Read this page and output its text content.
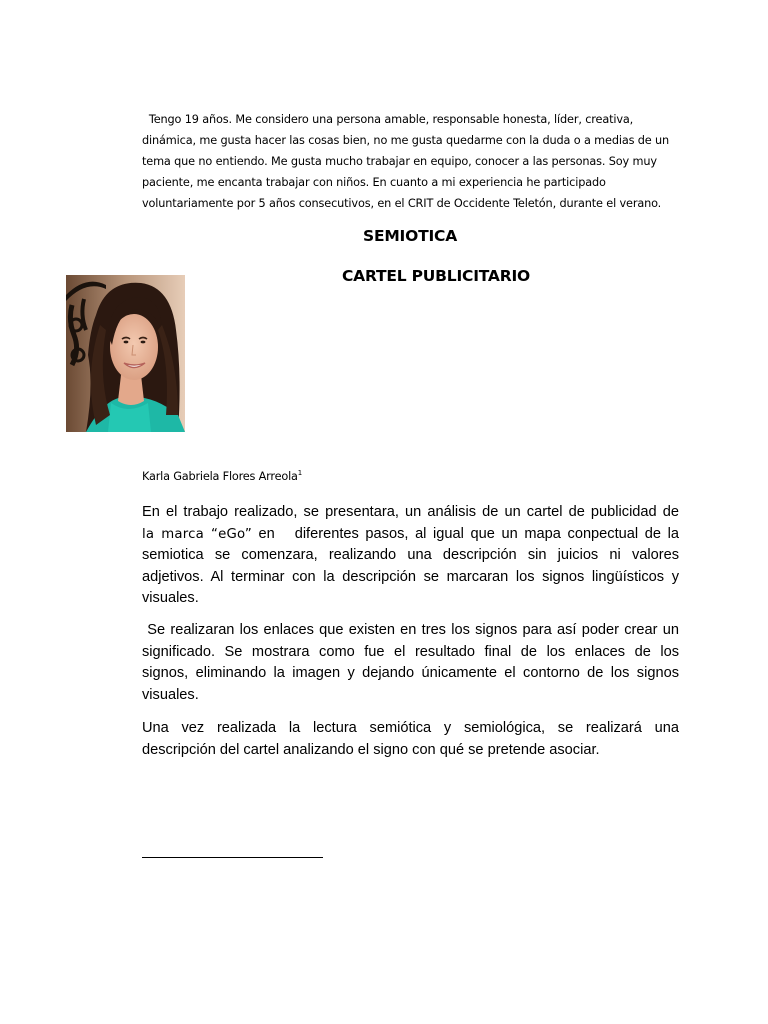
Tengo 19 años. Me considero una persona amable, responsable honesta, líder, creativa,
dinámica, me gusta hacer las cosas bien, no me gusta quedarme con la duda o a medias de un
tema que no entiendo. Me gusta mucho trabajar en equipo, conocer a las personas. Soy muy
paciente, me encanta trabajar con niños. En cuanto a mi experiencia he participado
voluntariamente por 5 años consecutivos, en el CRIT de Occidente Teletón, durante el verano.
SEMIOTICA
CARTEL PUBLICITARIO
Karla Gabriela Flores Arreola$^1$
En el trabajo realizado, se presentara, un análisis de un cartel de publicidad de
la marca “eGo” en   diferentes pasos, al igual que un mapa conpectual de la
semiotica se comenzara, realizando una descripción sin juicios ni valores
adjetivos. Al terminar con la descripción se marcaran los signos lingüísticos y
visuales.
Se realizaran los enlaces que existen en tres los signos para así poder crear un
significado. Se mostrara como fue el resultado final de los enlaces de los
signos, eliminando la imagen y dejando únicamente el contorno de los signos
visuales.
Una vez realizada la lectura semiótica y semiológica, se realizará una
descripción del cartel analizando el signo con qué se pretende asociar.
